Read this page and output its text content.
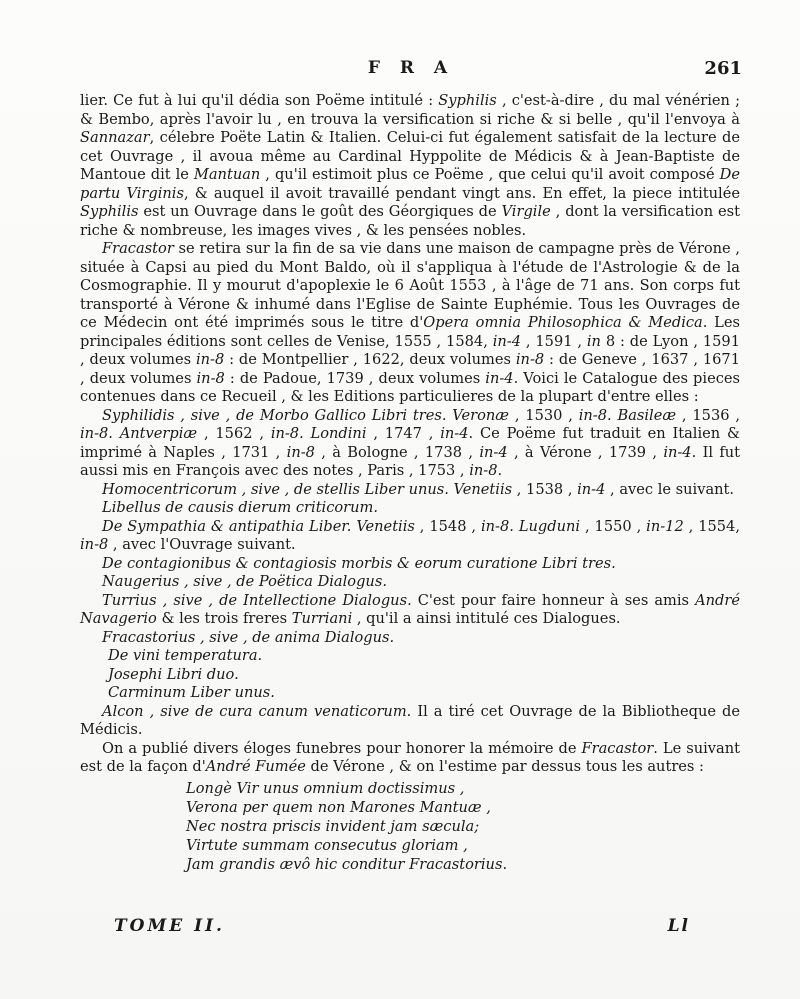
F R A	261

lier. Ce fut à lui qu'il dédia son Poëme intitulé : Syphilis , c'est-à-dire , du mal vénérien ; & Bembo, après l'avoir lu , en trouva la versification si riche & si belle , qu'il l'envoya à Sannazar, célebre Poëte Latin & Italien. Celui-ci fut également satisfait de la lecture de cet Ouvrage , il avoua même au Cardinal Hyppolite de Médicis & à Jean-Baptiste de Mantoue dit le Mantuan , qu'il estimoit plus ce Poëme , que celui qu'il avoit composé De partu Virginis, & auquel il avoit travaillé pendant vingt ans. En effet, la piece intitulée Syphilis est un Ouvrage dans le goût des Géorgiques de Virgile , dont la versification est riche & nombreuse, les images vives , & les pensées nobles.

Fracastor se retira sur la fin de sa vie dans une maison de campagne près de Vérone , située à Capsi au pied du Mont Baldo, où il s'appliqua à l'étude de l'Astrologie & de la Cosmographie. Il y mourut d'apoplexie le 6 Août 1553 , à l'âge de 71 ans. Son corps fut transporté à Vérone & inhumé dans l'Eglise de Sainte Euphémie. Tous les Ouvrages de ce Médecin ont été imprimés sous le titre d'Opera omnia Philosophica & Medica. Les principales éditions sont celles de Venise, 1555 , 1584, in-4 , 1591 , in 8 : de Lyon , 1591 , deux volumes in-8 : de Montpellier , 1622, deux volumes in-8 : de Geneve , 1637 , 1671 , deux volumes in-8 : de Padoue, 1739 , deux volumes in-4. Voici le Catalogue des pieces contenues dans ce Recueil , & les Editions particulieres de la plupart d'entre elles :

Syphilidis , sive , de Morbo Gallico Libri tres. Veronæ , 1530 , in-8. Basileæ , 1536 , in-8. Antverpiæ , 1562 , in-8. Londini , 1747 , in-4. Ce Poëme fut traduit en Italien & imprimé à Naples , 1731 , in-8 , à Bologne , 1738 , in-4 , à Vérone , 1739 , in-4. Il fut aussi mis en François avec des notes , Paris , 1753 , in-8.

Homocentricorum , sive , de stellis Liber unus. Venetiis , 1538 , in-4 , avec le suivant.

Libellus de causis dierum criticorum.

De Sympathia & antipathia Liber. Venetiis , 1548 , in-8. Lugduni , 1550 , in-12 , 1554, in-8 , avec l'Ouvrage suivant.

De contagionibus & contagiosis morbis & eorum curatione Libri tres.

Naugerius , sive , de Poëtica Dialogus.

Turrius , sive , de Intellectione Dialogus. C'est pour faire honneur à ses amis André Navagerio & les trois freres Turriani , qu'il a ainsi intitulé ces Dialogues.

Fracastorius , sive , de anima Dialogus.

De vini temperatura.

Josephi Libri duo.

Carminum Liber unus.

Alcon , sive de cura canum venaticorum. Il a tiré cet Ouvrage de la Bibliotheque de Médicis.

On a publié divers éloges funebres pour honorer la mémoire de Fracastor. Le suivant est de la façon d'André Fumée de Vérone , & on l'estime par dessus tous les autres :

Longè Vir unus omnium doctissimus ,

Verona per quem non Marones Mantuæ ,

Nec nostra priscis invident jam sæcula;

Virtute summam consecutus gloriam ,

Jam grandis ævô hic conditur Fracastorius.

TOME II.	Ll
